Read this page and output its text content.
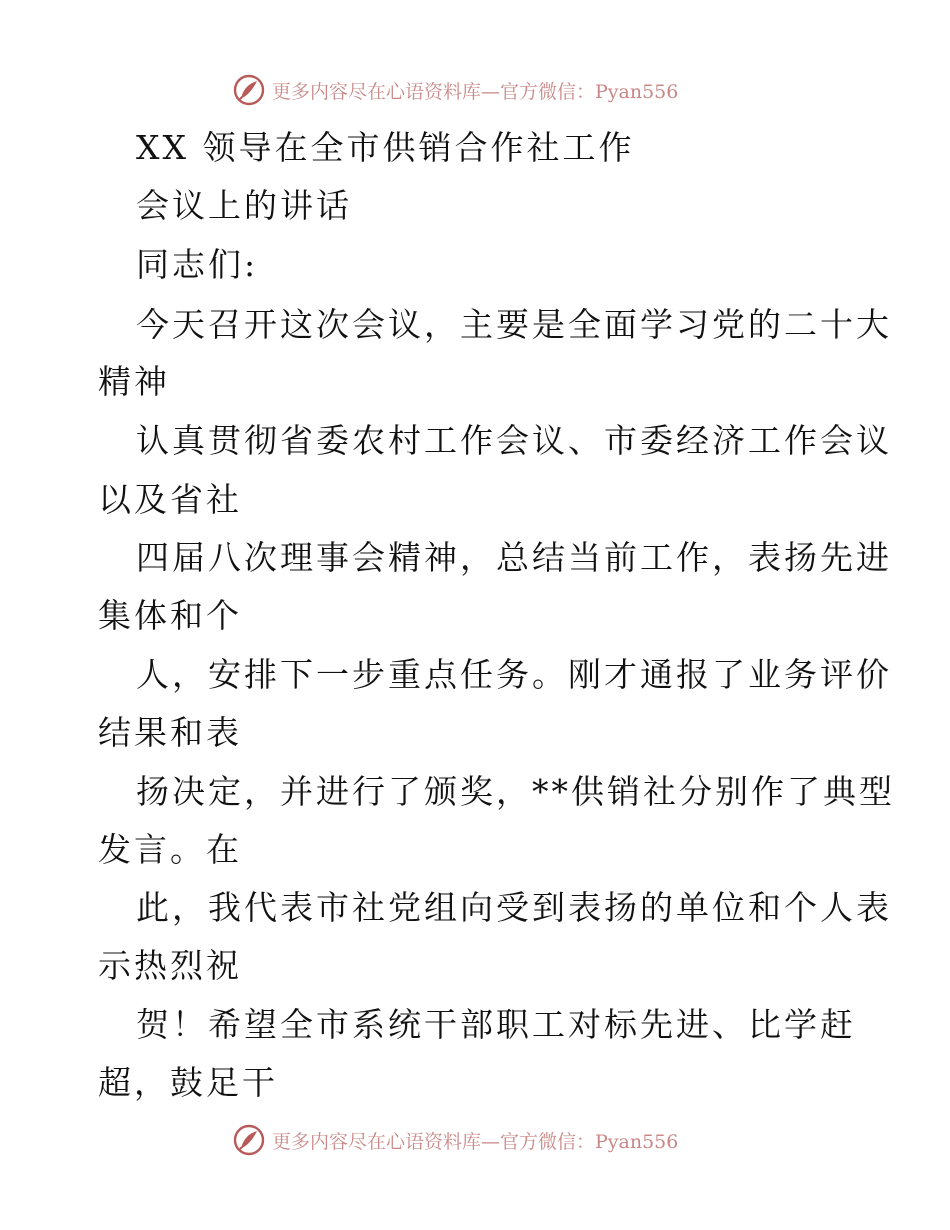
更多内容尽在心语资料库—官方微信：Pyan556
XX 领导在全市供销合作社工作
会议上的讲话
同志们:
今天召开这次会议，主要是全面学习党的二十大
精神
认真贯彻省委农村工作会议、市委经济工作会议
以及省社
四届八次理事会精神，总结当前工作，表扬先进
集体和个
人，安排下一步重点任务。刚才通报了业务评价
结果和表
扬决定，并进行了颁奖，**供销社分别作了典型
发言。在
此，我代表市社党组向受到表扬的单位和个人表
示热烈祝
贺！希望全市系统干部职工对标先进、比学赶
超，鼓足干
更多内容尽在心语资料库—官方微信：Pyan556
